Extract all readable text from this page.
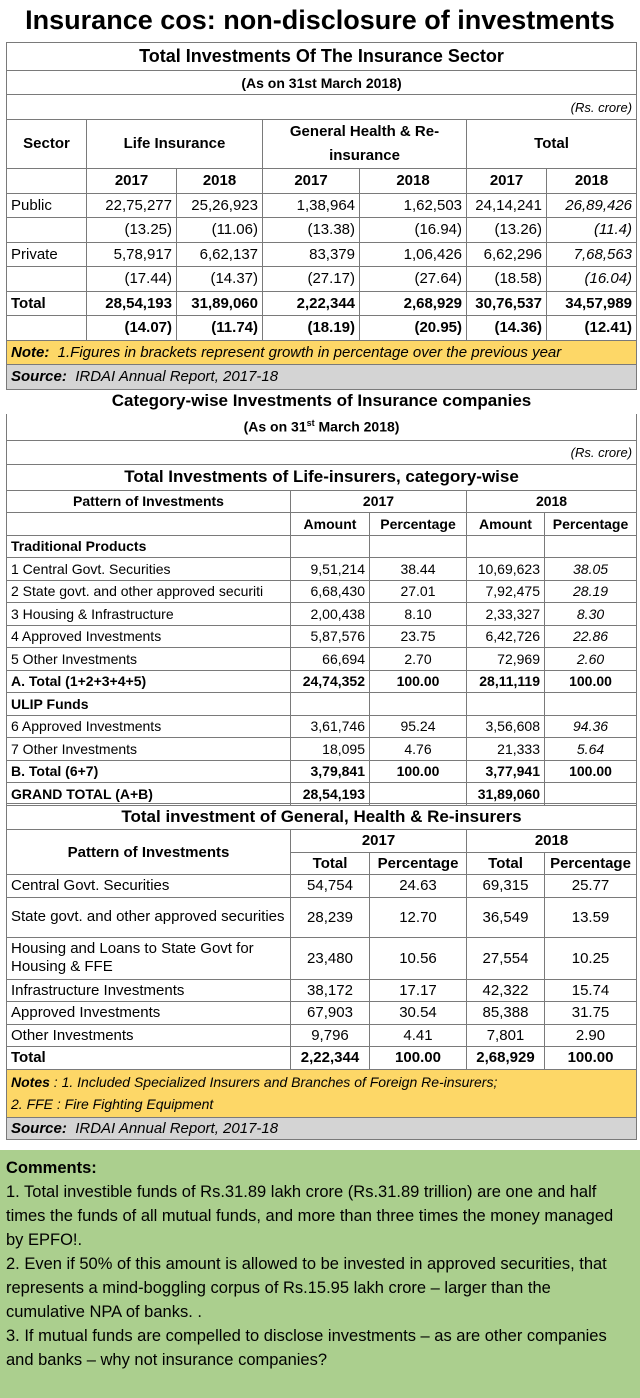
Insurance cos: non-disclosure of investments
Total Investments Of The Insurance Sector						
(As on 31st March 2018)						
(Rs. crore)						
Sector	Life Insurance		General Health & Re-insurance		Total	

	2017	2018	2017	2018	2017	2018
Public	22,75,277	25,26,923	1,38,964	1,62,503	24,14,241	26,89,426
	(13.25)	(11.06)	(13.38)	(16.94)	(13.26)	(11.4)
Private	5,78,917	6,62,137	83,379	1,06,426	6,62,296	7,68,563
	(17.44)	(14.37)	(27.17)	(27.64)	(18.58)	(16.04)
Total	28,54,193	31,89,060	2,22,344	2,68,929	30,76,537	34,57,989
	(14.07)	(11.74)	(18.19)	(20.95)	(14.36)	(12.41)
Note: 1.Figures in brackets represent growth in percentage over the previous year						
Source: IRDAI Annual Report, 2017-18						
Category-wise Investments of Insurance companies				
(As on 31st March 2018)				
(Rs. crore)				
Total Investments of Life-insurers, category-wise				
Pattern of Investments	2017		2018	
	Amount	Percentage	Amount	Percentage
Traditional Products				
1 Central Govt. Securities	9,51,214	38.44	10,69,623	38.05
2 State govt. and other approved securiti	6,68,430	27.01	7,92,475	28.19
3 Housing & Infrastructure	2,00,438	8.10	2,33,327	8.30
4 Approved Investments	5,87,576	23.75	6,42,726	22.86
5 Other Investments	66,694	2.70	72,969	2.60
A. Total (1+2+3+4+5)	24,74,352	100.00	28,11,119	100.00
ULIP Funds				
6 Approved Investments	3,61,746	95.24	3,56,608	94.36
7 Other Investments	18,095	4.76	21,333	5.64
B. Total (6+7)	3,79,841	100.00	3,77,941	100.00
GRAND TOTAL (A+B)	28,54,193		31,89,060	
Total investment of General, Health & Re-insurers				
Pattern of Investments	2017		2018	
	Total	Percentage	Total	Percentage
Central Govt. Securities	54,754	24.63	69,315	25.77
State govt. and other approved securities	28,239	12.70	36,549	13.59
Housing and Loans to State Govt for Housing & FFE	23,480	10.56	27,554	10.25
Infrastructure Investments	38,172	17.17	42,322	15.74
Approved Investments	67,903	30.54	85,388	31.75
Other Investments	9,796	4.41	7,801	2.90
Total	2,22,344	100.00	2,68,929	100.00
Notes : 1. Included Specialized Insurers and Branches of Foreign Re-insurers;
2. FFE : Fire Fighting Equipment				
Source: IRDAI Annual Report, 2017-18				
Comments:
1. Total investible funds of Rs.31.89 lakh crore (Rs.31.89 trillion) are one and half times the funds of all mutual funds, and more than three times the money managed by EPFO!.
2. Even if 50% of this amount is allowed to be invested in approved securities, that represents a mind-boggling corpus of Rs.15.95 lakh crore – larger than the cumulative NPA of banks. .
3. If mutual funds are compelled to disclose investments – as are other companies and banks – why not insurance companies?
